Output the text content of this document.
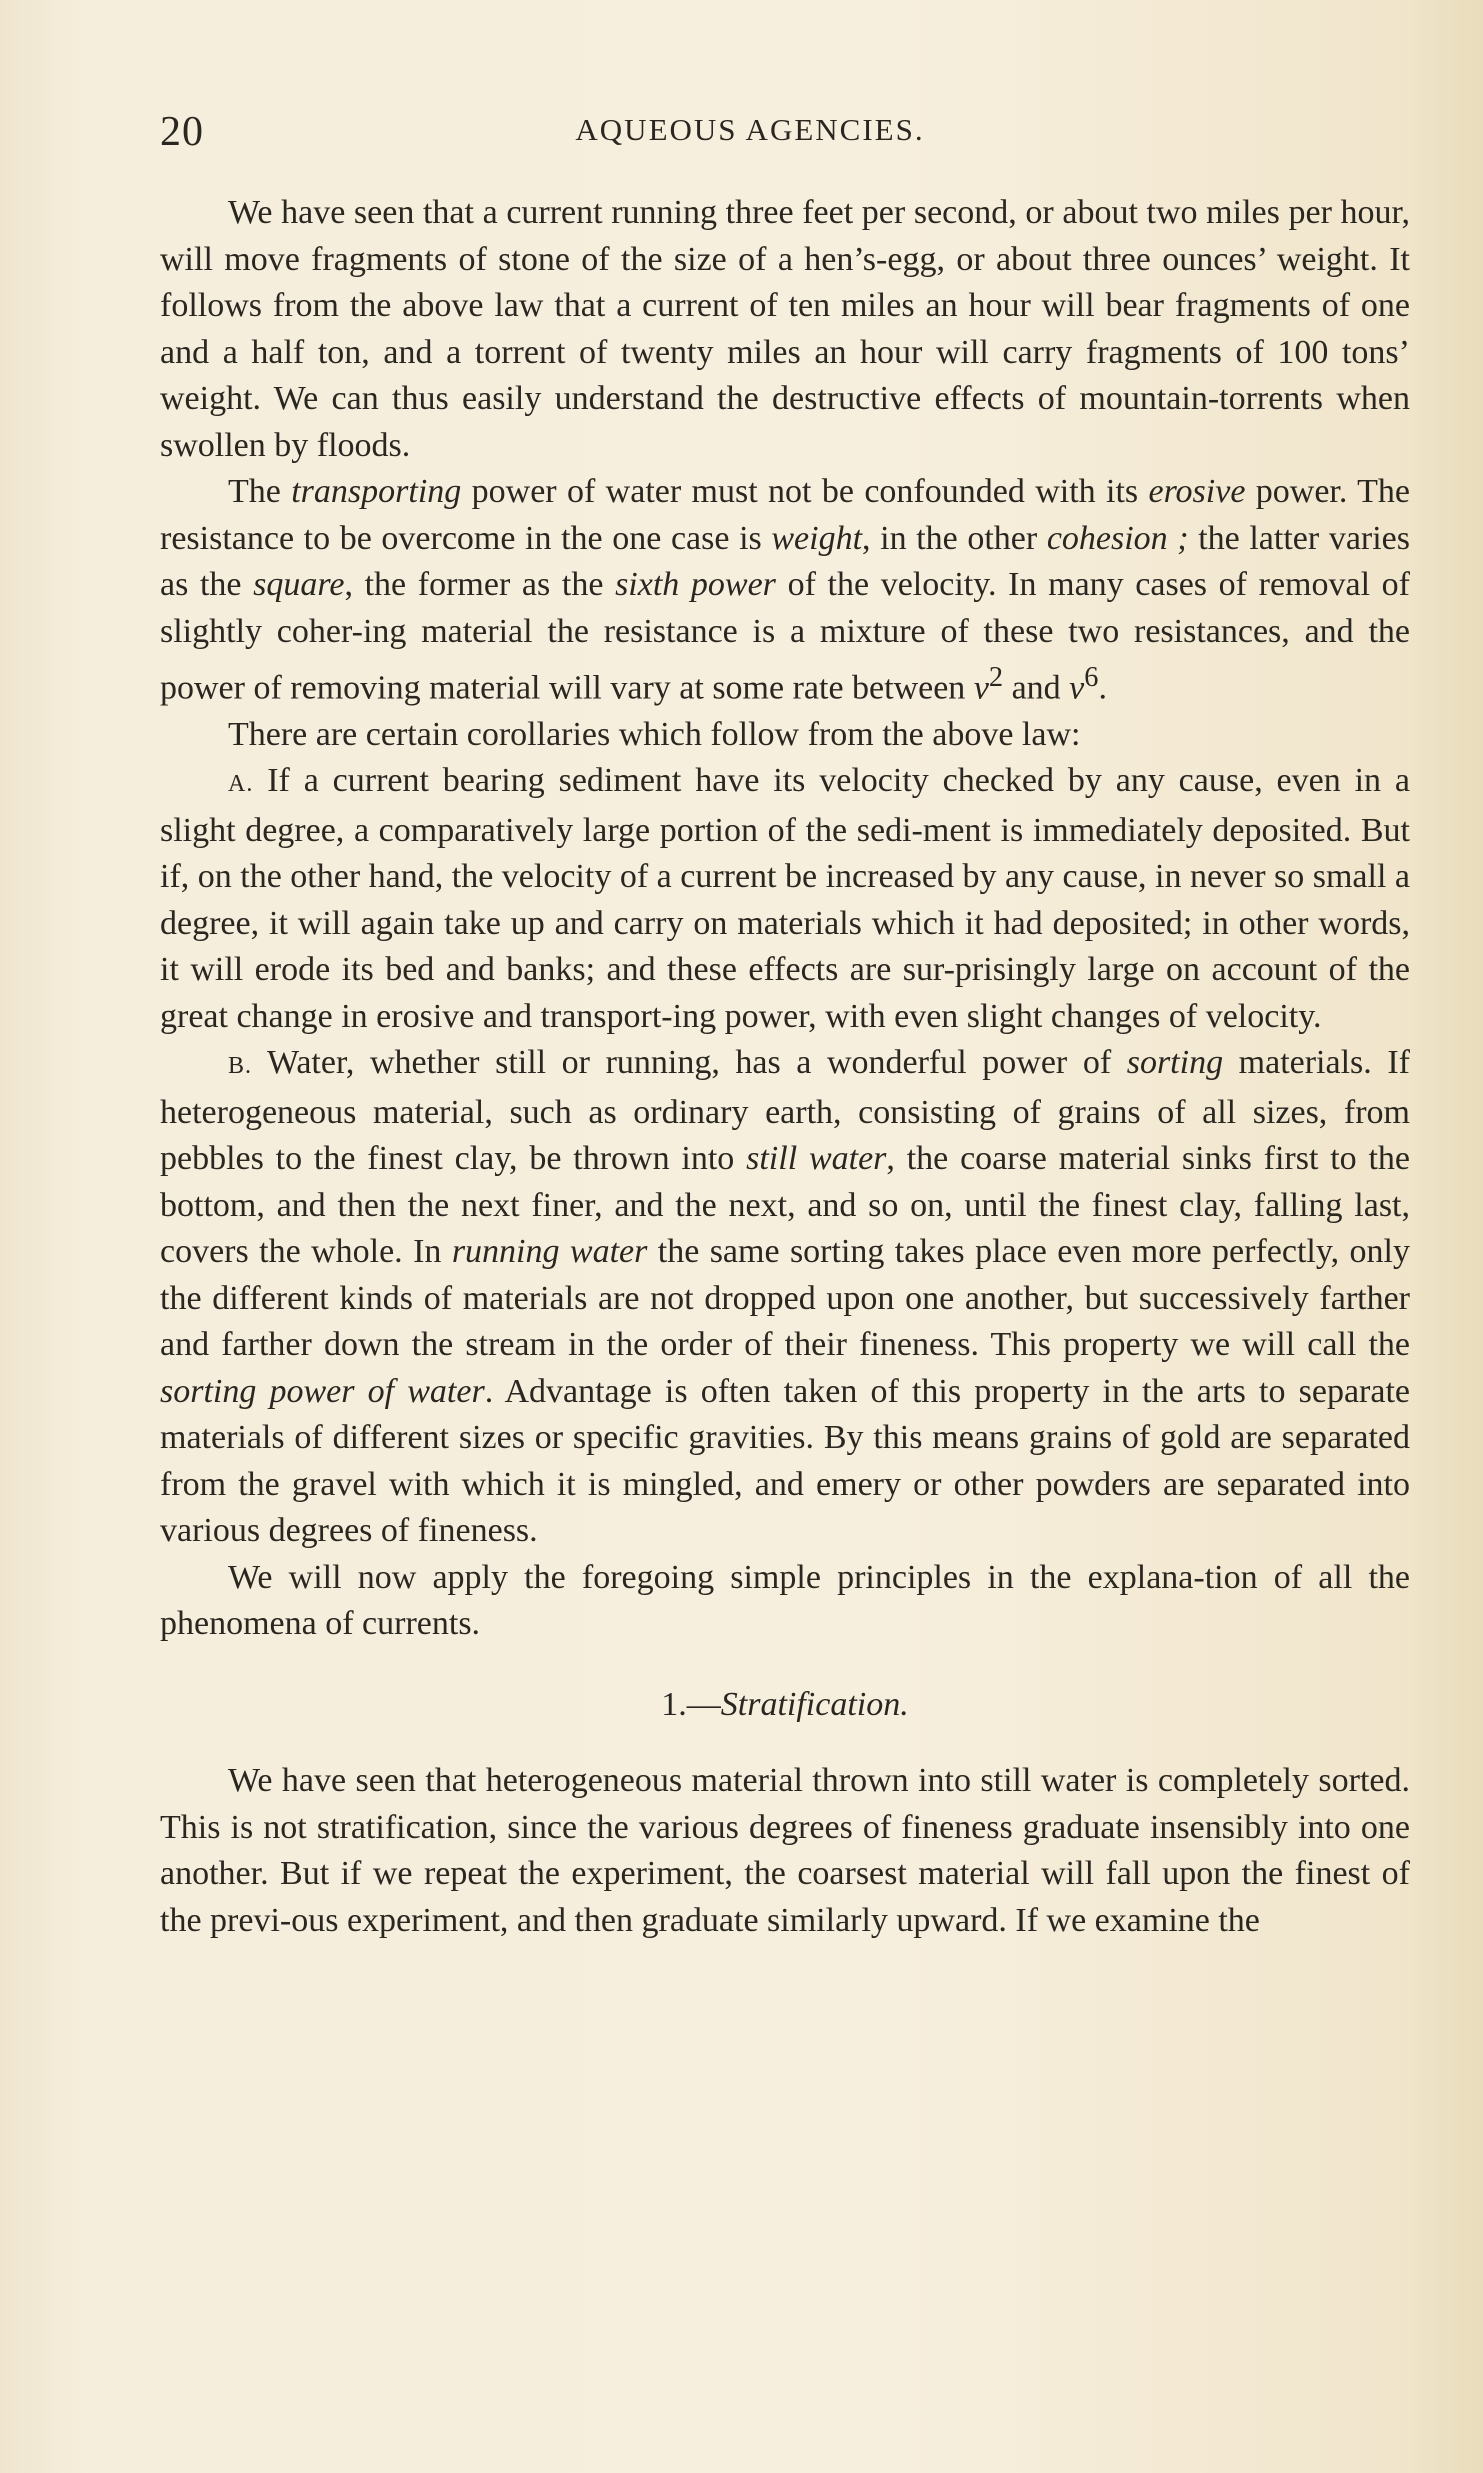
20	AQUEOUS AGENCIES.

We have seen that a current running three feet per second, or about two miles per hour, will move fragments of stone of the size of a hen’s-egg, or about three ounces’ weight. It follows from the above law that a current of ten miles an hour will bear fragments of one and a half ton, and a torrent of twenty miles an hour will carry fragments of 100 tons’ weight. We can thus easily understand the destructive effects of mountain-torrents when swollen by floods.

The transporting power of water must not be confounded with its erosive power. The resistance to be overcome in the one case is weight, in the other cohesion ; the latter varies as the square, the former as the sixth power of the velocity. In many cases of removal of slightly coher-ing material the resistance is a mixture of these two resistances, and the power of removing material will vary at some rate between $v^2$ and $v^6$.

There are certain corollaries which follow from the above law:

A. If a current bearing sediment have its velocity checked by any cause, even in a slight degree, a comparatively large portion of the sedi-ment is immediately deposited. But if, on the other hand, the velocity of a current be increased by any cause, in never so small a degree, it will again take up and carry on materials which it had deposited; in other words, it will erode its bed and banks; and these effects are sur-prisingly large on account of the great change in erosive and transport-ing power, with even slight changes of velocity.

B. Water, whether still or running, has a wonderful power of sorting materials. If heterogeneous material, such as ordinary earth, consisting of grains of all sizes, from pebbles to the finest clay, be thrown into still water, the coarse material sinks first to the bottom, and then the next finer, and the next, and so on, until the finest clay, falling last, covers the whole. In running water the same sorting takes place even more perfectly, only the different kinds of materials are not dropped upon one another, but successively farther and farther down the stream in the order of their fineness. This property we will call the sorting power of water. Advantage is often taken of this property in the arts to separate materials of different sizes or specific gravities. By this means grains of gold are separated from the gravel with which it is mingled, and emery or other powders are separated into various degrees of fineness.

We will now apply the foregoing simple principles in the explana-tion of all the phenomena of currents.

1.—Stratification.

We have seen that heterogeneous material thrown into still water is completely sorted. This is not stratification, since the various degrees of fineness graduate insensibly into one another. But if we repeat the experiment, the coarsest material will fall upon the finest of the previ-ous experiment, and then graduate similarly upward. If we examine the
